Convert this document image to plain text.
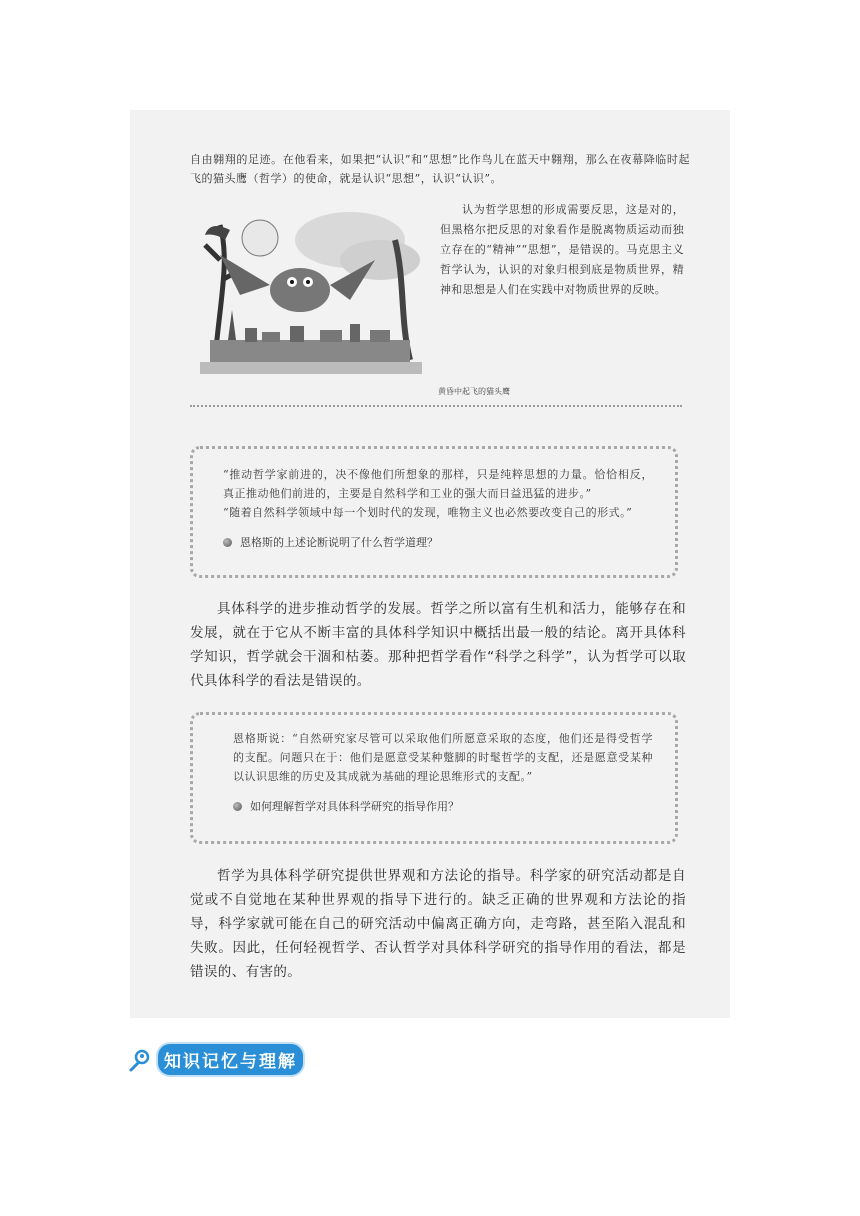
自由翱翔的足迹。在他看来，如果把“认识”和“思想”比作鸟儿在蓝天中翱翔，那么在夜幕降临时起飞的猫头鹰（哲学）的使命，就是认识“思想”，认识“认识”。

黄昏中起飞的猫头鹰

认为哲学思想的形成需要反思，这是对的，但黑格尔把反思的对象看作是脱离物质运动而独立存在的“精神”“思想”，是错误的。马克思主义哲学认为，认识的对象归根到底是物质世界，精神和思想是人们在实践中对物质世界的反映。

“推动哲学家前进的，决不像他们所想象的那样，只是纯粹思想的力量。恰恰相反，真正推动他们前进的，主要是自然科学和工业的强大而日益迅猛的进步。”

“随着自然科学领域中每一个划时代的发现，唯物主义也必然要改变自己的形式。”

恩格斯的上述论断说明了什么哲学道理？

具体科学的进步推动哲学的发展。哲学之所以富有生机和活力，能够存在和发展，就在于它从不断丰富的具体科学知识中概括出最一般的结论。离开具体科学知识，哲学就会干涸和枯萎。那种把哲学看作“科学之科学”，认为哲学可以取代具体科学的看法是错误的。

恩格斯说：“自然研究家尽管可以采取他们所愿意采取的态度，他们还是得受哲学的支配。问题只在于：他们是愿意受某种蹩脚的时髦哲学的支配，还是愿意受某种以认识思维的历史及其成就为基础的理论思维形式的支配。”

如何理解哲学对具体科学研究的指导作用？

哲学为具体科学研究提供世界观和方法论的指导。科学家的研究活动都是自觉或不自觉地在某种世界观的指导下进行的。缺乏正确的世界观和方法论的指导，科学家就可能在自己的研究活动中偏离正确方向，走弯路，甚至陷入混乱和失败。因此，任何轻视哲学、否认哲学对具体科学研究的指导作用的看法，都是错误的、有害的。

知识记忆与理解
